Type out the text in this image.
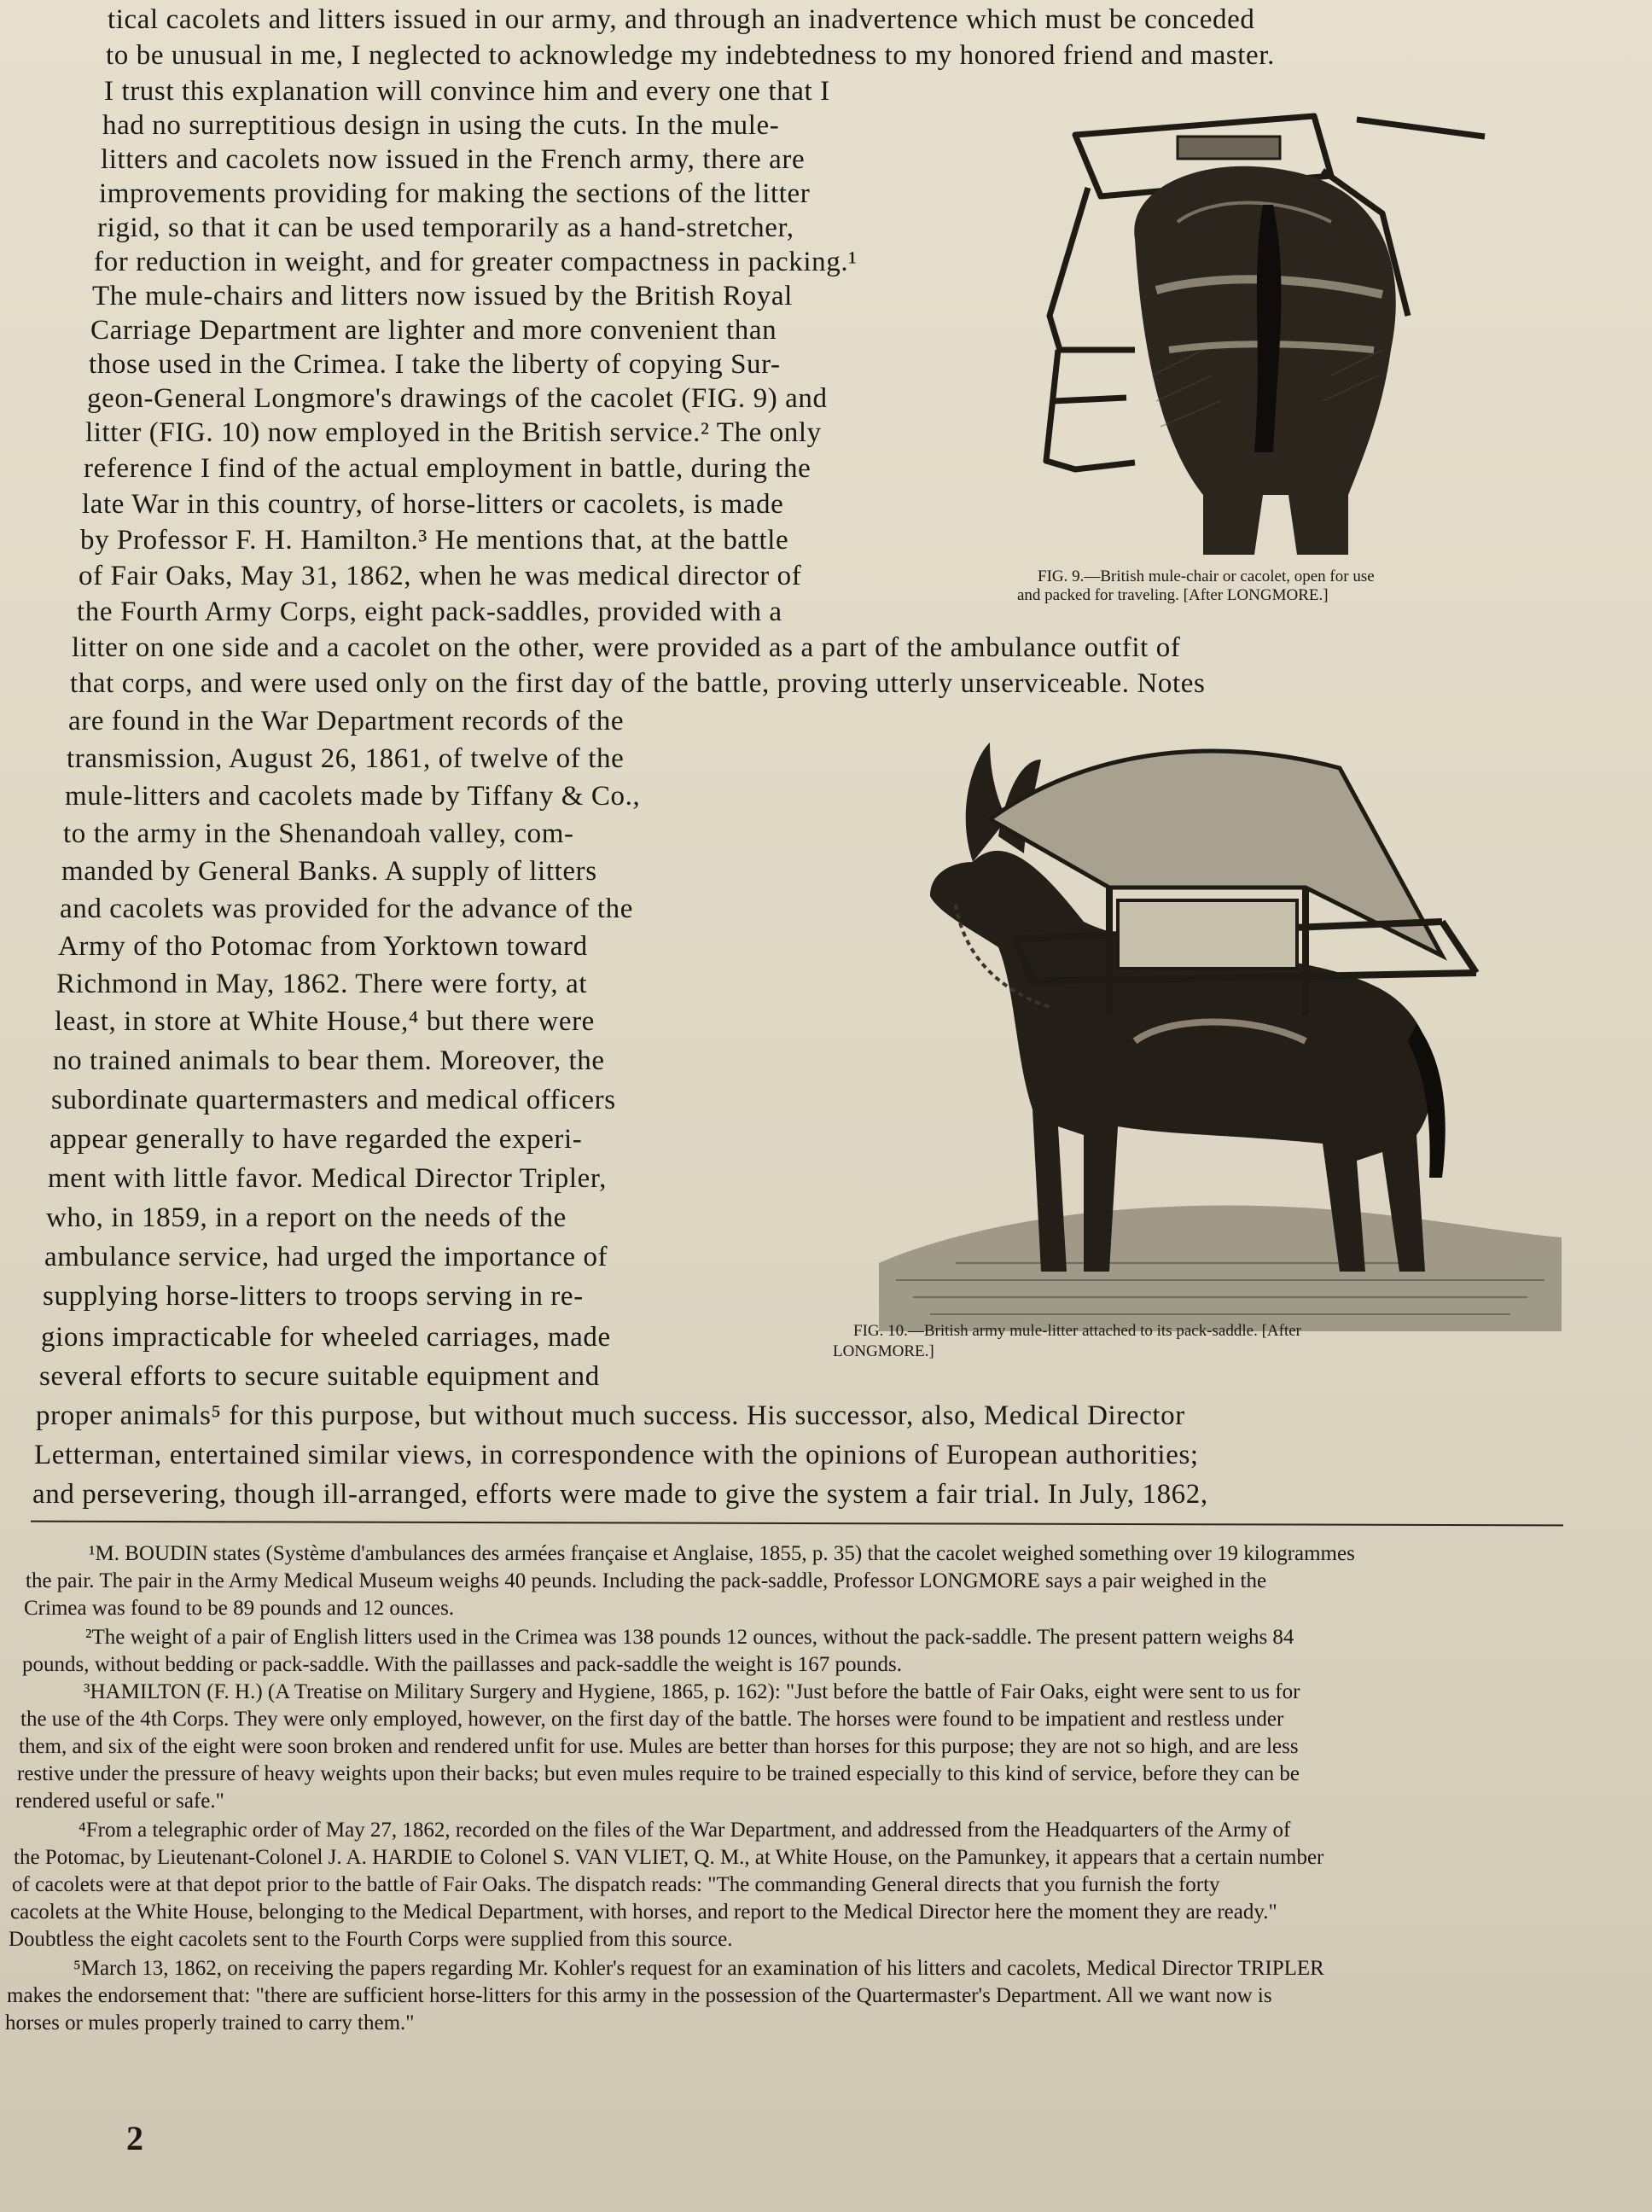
tical cacolets and litters issued in our army, and through an inadvertence which must be conceded

to be unusual in me, I neglected to acknowledge my indebtedness to my honored friend and master.

I trust this explanation will convince him and every one that I

had no surreptitious design in using the cuts. In the mule-

litters and cacolets now issued in the French army, there are

improvements providing for making the sections of the litter

rigid, so that it can be used temporarily as a hand-stretcher,

for reduction in weight, and for greater compactness in packing.¹

The mule-chairs and litters now issued by the British Royal

Carriage Department are lighter and more convenient than

those used in the Crimea. I take the liberty of copying Sur-

geon-General Longmore's drawings of the cacolet (FIG. 9) and

litter (FIG. 10) now employed in the British service.² The only

reference I find of the actual employment in battle, during the

late War in this country, of horse-litters or cacolets, is made

by Professor F. H. Hamilton.³ He mentions that, at the battle

of Fair Oaks, May 31, 1862, when he was medical director of

the Fourth Army Corps, eight pack-saddles, provided with a

litter on one side and a cacolet on the other, were provided as a part of the ambulance outfit of

that corps, and were used only on the first day of the battle, proving utterly unserviceable. Notes

are found in the War Department records of the

transmission, August 26, 1861, of twelve of the

mule-litters and cacolets made by Tiffany & Co.,

to the army in the Shenandoah valley, com-

manded by General Banks. A supply of litters

and cacolets was provided for the advance of the

Army of tho Potomac from Yorktown toward

Richmond in May, 1862. There were forty, at

least, in store at White House,⁴ but there were

no trained animals to bear them. Moreover, the

subordinate quartermasters and medical officers

appear generally to have regarded the experi-

ment with little favor. Medical Director Tripler,

who, in 1859, in a report on the needs of the

ambulance service, had urged the importance of

supplying horse-litters to troops serving in re-

gions impracticable for wheeled carriages, made

several efforts to secure suitable equipment and

proper animals⁵ for this purpose, but without much success. His successor, also, Medical Director

Letterman, entertained similar views, in correspondence with the opinions of European authorities;

and persevering, though ill-arranged, efforts were made to give the system a fair trial. In July, 1862,

FIG. 9.—British mule-chair or cacolet, open for use

and packed for traveling. [After LONGMORE.]

FIG. 10.—British army mule-litter attached to its pack-saddle. [After

LONGMORE.]

¹M. BOUDIN states (Système d'ambulances des armées française et Anglaise, 1855, p. 35) that the cacolet weighed something over 19 kilogrammes

the pair. The pair in the Army Medical Museum weighs 40 peunds. Including the pack-saddle, Professor LONGMORE says a pair weighed in the

Crimea was found to be 89 pounds and 12 ounces.

²The weight of a pair of English litters used in the Crimea was 138 pounds 12 ounces, without the pack-saddle. The present pattern weighs 84

pounds, without bedding or pack-saddle. With the paillasses and pack-saddle the weight is 167 pounds.

³HAMILTON (F. H.) (A Treatise on Military Surgery and Hygiene, 1865, p. 162): "Just before the battle of Fair Oaks, eight were sent to us for

the use of the 4th Corps. They were only employed, however, on the first day of the battle. The horses were found to be impatient and restless under

them, and six of the eight were soon broken and rendered unfit for use. Mules are better than horses for this purpose; they are not so high, and are less

restive under the pressure of heavy weights upon their backs; but even mules require to be trained especially to this kind of service, before they can be

rendered useful or safe."

⁴From a telegraphic order of May 27, 1862, recorded on the files of the War Department, and addressed from the Headquarters of the Army of

the Potomac, by Lieutenant-Colonel J. A. HARDIE to Colonel S. VAN VLIET, Q. M., at White House, on the Pamunkey, it appears that a certain number

of cacolets were at that depot prior to the battle of Fair Oaks. The dispatch reads: "The commanding General directs that you furnish the forty

cacolets at the White House, belonging to the Medical Department, with horses, and report to the Medical Director here the moment they are ready."

Doubtless the eight cacolets sent to the Fourth Corps were supplied from this source.

⁵March 13, 1862, on receiving the papers regarding Mr. Kohler's request for an examination of his litters and cacolets, Medical Director TRIPLER

makes the endorsement that: "there are sufficient horse-litters for this army in the possession of the Quartermaster's Department. All we want now is

horses or mules properly trained to carry them."

2
